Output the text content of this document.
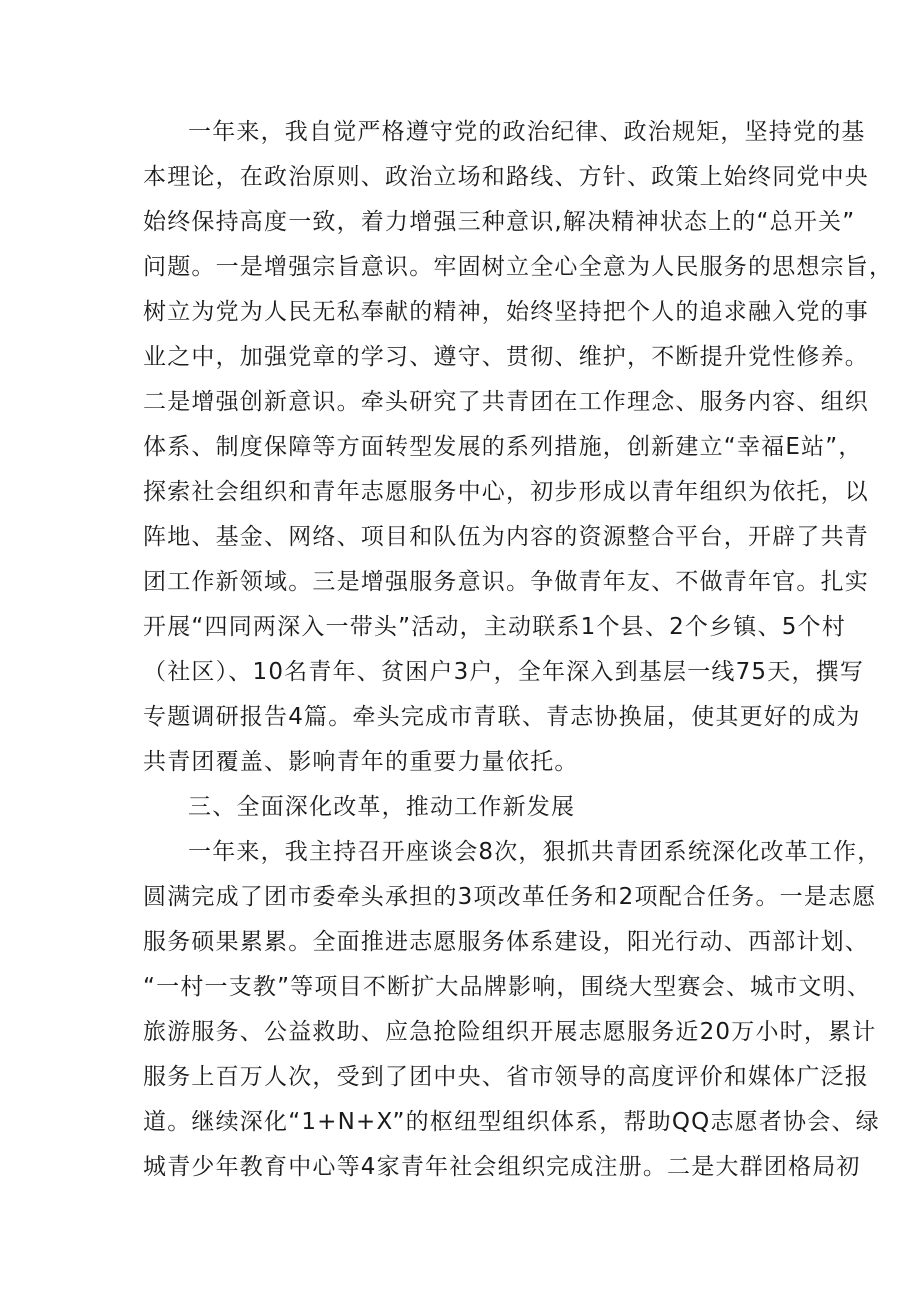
一年来，我自觉严格遵守党的政治纪律、政治规矩，坚持党的基
本理论，在政治原则、政治立场和路线、方针、政策上始终同党中央
始终保持高度一致，着力增强三种意识,解决精神状态上的“总开关”
问题。一是增强宗旨意识。牢固树立全心全意为人民服务的思想宗旨，
树立为党为人民无私奉献的精神，始终坚持把个人的追求融入党的事
业之中，加强党章的学习、遵守、贯彻、维护，不断提升党性修养。
二是增强创新意识。牵头研究了共青团在工作理念、服务内容、组织
体系、制度保障等方面转型发展的系列措施，创新建立“幸福E站”，
探索社会组织和青年志愿服务中心，初步形成以青年组织为依托，以
阵地、基金、网络、项目和队伍为内容的资源整合平台，开辟了共青
团工作新领域。三是增强服务意识。争做青年友、不做青年官。扎实
开展“四同两深入一带头”活动，主动联系1个县、2个乡镇、5个村
（社区）、10名青年、贫困户3户，全年深入到基层一线75天，撰写
专题调研报告4篇。牵头完成市青联、青志协换届，使其更好的成为
共青团覆盖、影响青年的重要力量依托。
三、全面深化改革，推动工作新发展
一年来，我主持召开座谈会8次，狠抓共青团系统深化改革工作，
圆满完成了团市委牵头承担的3项改革任务和2项配合任务。一是志愿
服务硕果累累。全面推进志愿服务体系建设，阳光行动、西部计划、
“一村一支教”等项目不断扩大品牌影响，围绕大型赛会、城市文明、
旅游服务、公益救助、应急抢险组织开展志愿服务近20万小时，累计
服务上百万人次，受到了团中央、省市领导的高度评价和媒体广泛报
道。继续深化“1+N+X”的枢纽型组织体系，帮助QQ志愿者协会、绿
城青少年教育中心等4家青年社会组织完成注册。二是大群团格局初
